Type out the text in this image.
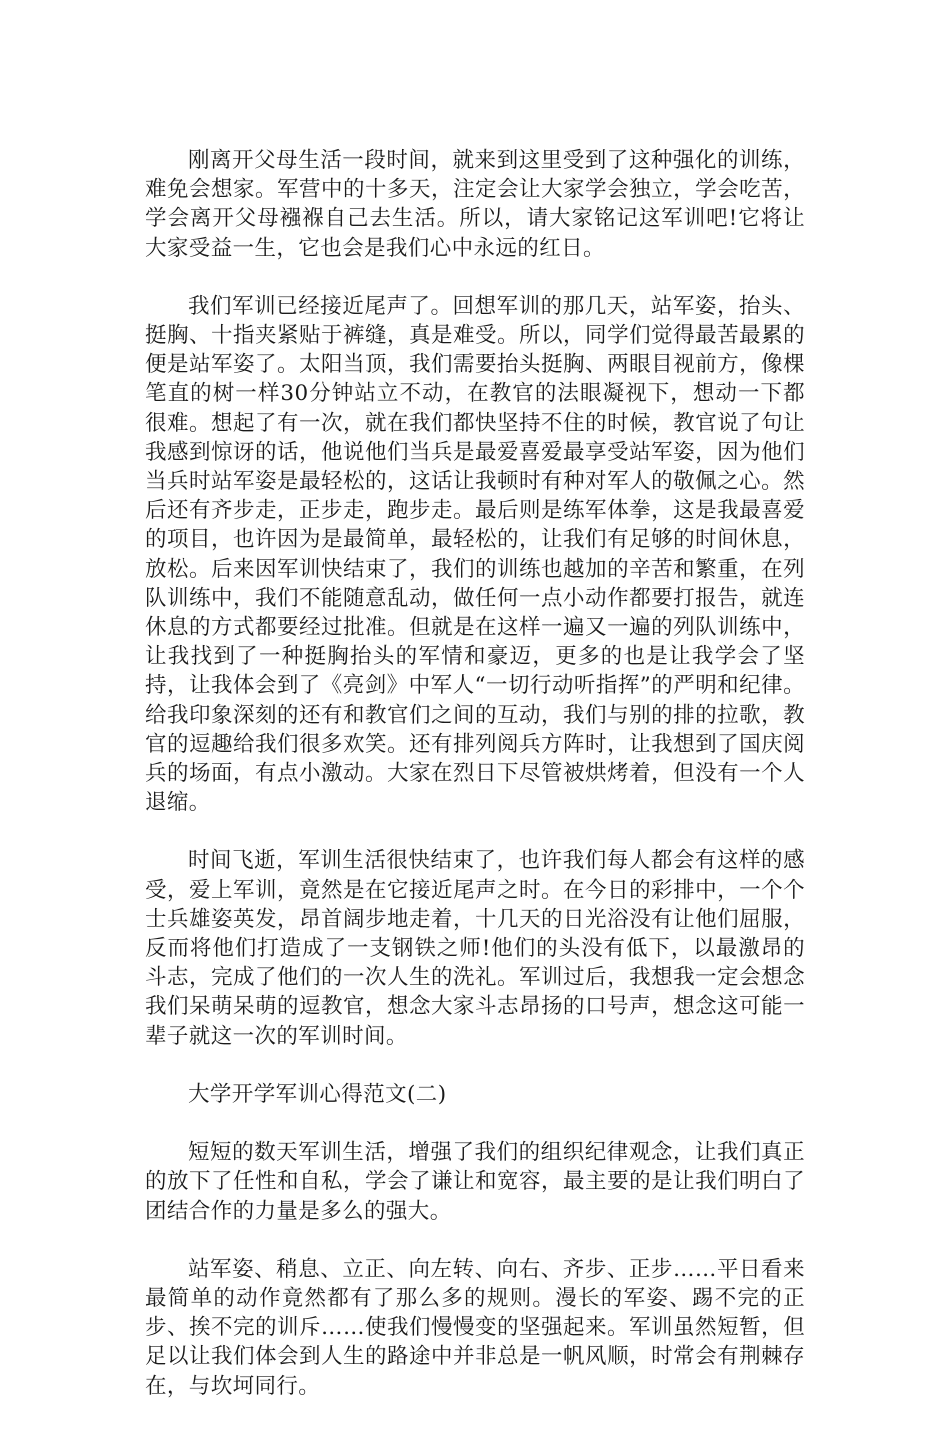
刚离开父母生活一段时间，就来到这里受到了这种强化的训练，难免会想家。军营中的十多天，注定会让大家学会独立，学会吃苦，学会离开父母襁褓自己去生活。所以，请大家铭记这军训吧!它将让大家受益一生，它也会是我们心中永远的红日。

我们军训已经接近尾声了。回想军训的那几天，站军姿，抬头、挺胸、十指夹紧贴于裤缝，真是难受。所以，同学们觉得最苦最累的便是站军姿了。太阳当顶，我们需要抬头挺胸、两眼目视前方，像棵笔直的树一样30分钟站立不动，在教官的法眼凝视下，想动一下都很难。想起了有一次，就在我们都快坚持不住的时候，教官说了句让我感到惊讶的话，他说他们当兵是最爱喜爱最享受站军姿，因为他们当兵时站军姿是最轻松的，这话让我顿时有种对军人的敬佩之心。然后还有齐步走，正步走，跑步走。最后则是练军体拳，这是我最喜爱的项目，也许因为是最简单，最轻松的，让我们有足够的时间休息，放松。后来因军训快结束了，我们的训练也越加的辛苦和繁重，在列队训练中，我们不能随意乱动，做任何一点小动作都要打报告，就连休息的方式都要经过批准。但就是在这样一遍又一遍的列队训练中，让我找到了一种挺胸抬头的军情和豪迈，更多的也是让我学会了坚持，让我体会到了《亮剑》中军人“一切行动听指挥”的严明和纪律。给我印象深刻的还有和教官们之间的互动，我们与别的排的拉歌，教官的逗趣给我们很多欢笑。还有排列阅兵方阵时，让我想到了国庆阅兵的场面，有点小激动。大家在烈日下尽管被烘烤着，但没有一个人退缩。

时间飞逝，军训生活很快结束了，也许我们每人都会有这样的感受，爱上军训，竟然是在它接近尾声之时。在今日的彩排中，一个个士兵雄姿英发，昂首阔步地走着，十几天的日光浴没有让他们屈服，反而将他们打造成了一支钢铁之师!他们的头没有低下，以最激昂的斗志，完成了他们的一次人生的洗礼。军训过后，我想我一定会想念我们呆萌呆萌的逗教官，想念大家斗志昂扬的口号声，想念这可能一辈子就这一次的军训时间。

大学开学军训心得范文(二)

短短的数天军训生活，增强了我们的组织纪律观念，让我们真正的放下了任性和自私，学会了谦让和宽容，最主要的是让我们明白了团结合作的力量是多么的强大。

站军姿、稍息、立正、向左转、向右、齐步、正步……平日看来最简单的动作竟然都有了那么多的规则。漫长的军姿、踢不完的正步、挨不完的训斥……使我们慢慢变的坚强起来。军训虽然短暂，但足以让我们体会到人生的路途中并非总是一帆风顺，时常会有荆棘存在，与坎坷同行。
